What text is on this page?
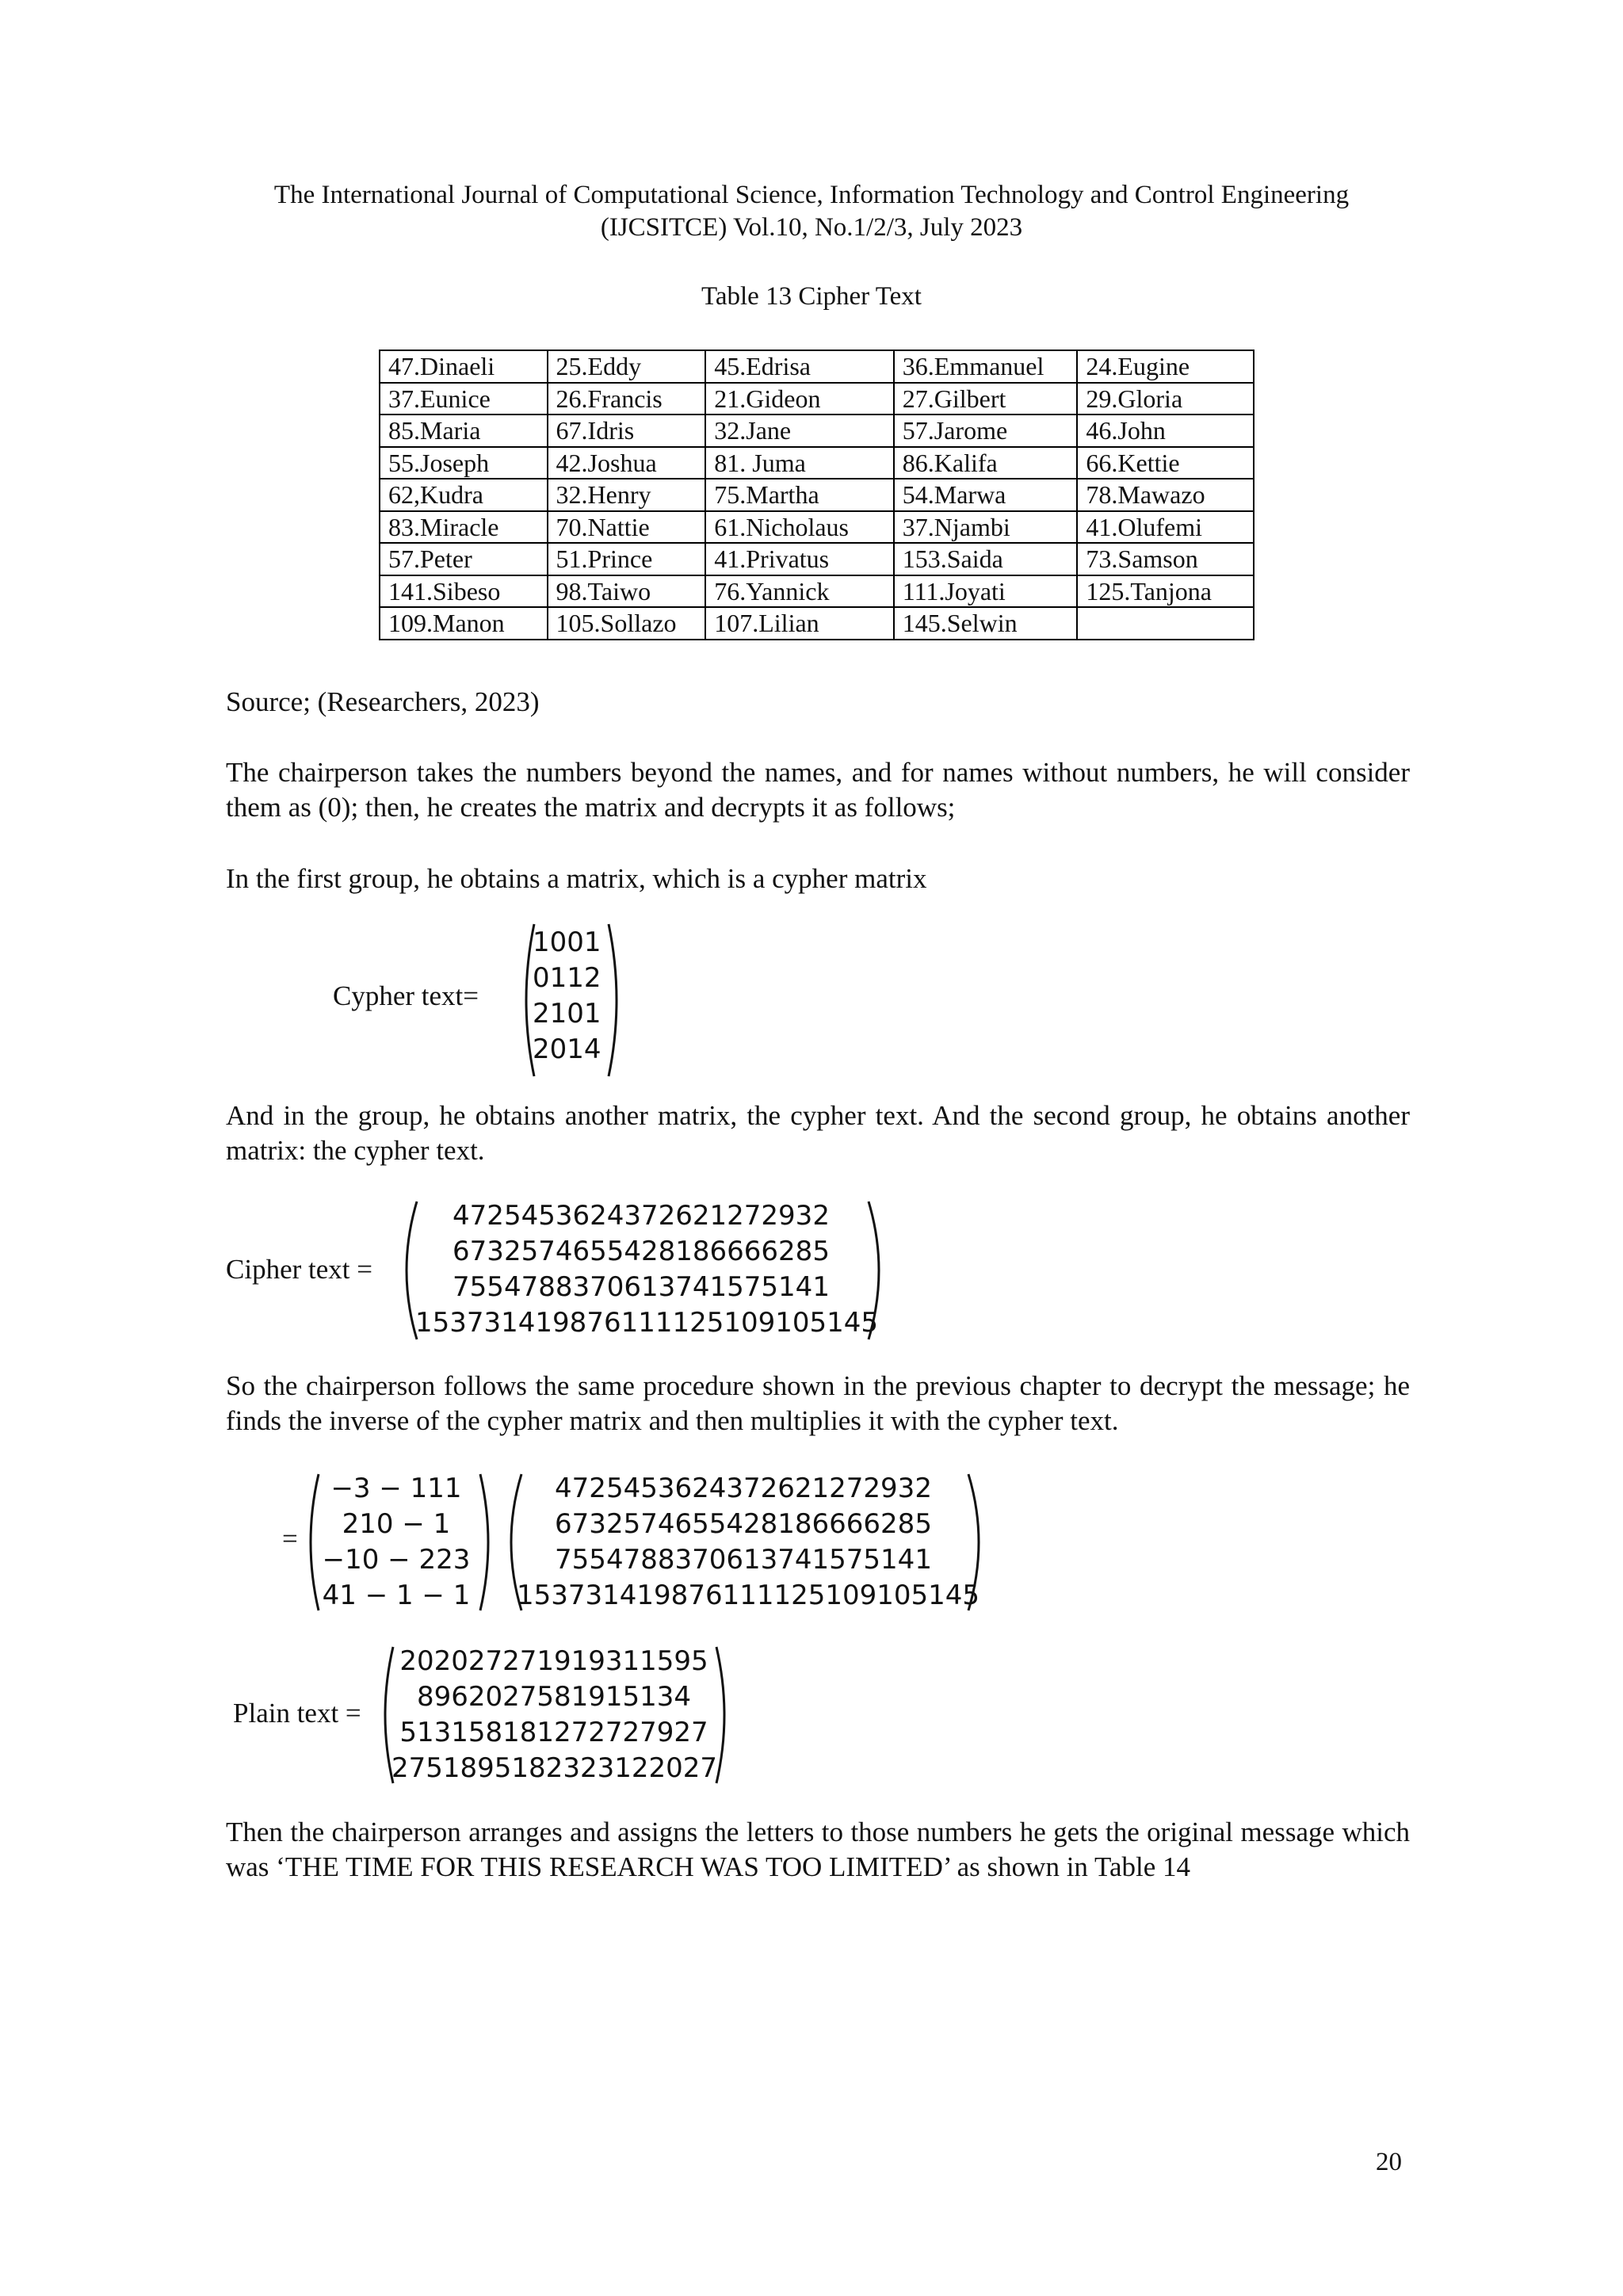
The International Journal of Computational Science, Information Technology and Control Engineering
(IJCSITCE) Vol.10, No.1/2/3, July 2023
Table 13 Cipher Text
47.Dinaeli	25.Eddy	45.Edrisa	36.Emmanuel	24.Eugine
37.Eunice	26.Francis	21.Gideon	27.Gilbert	29.Gloria
85.Maria	67.Idris	32.Jane	57.Jarome	46.John
55.Joseph	42.Joshua	81. Juma	86.Kalifa	66.Kettie
62,Kudra	32.Henry	75.Martha	54.Marwa	78.Mawazo
83.Miracle	70.Nattie	61.Nicholaus	37.Njambi	41.Olufemi
57.Peter	51.Prince	41.Privatus	153.Saida	73.Samson
141.Sibeso	98.Taiwo	76.Yannick	111.Joyati	125.Tanjona
109.Manon	105.Sollazo	107.Lilian	145.Selwin	
Source; (Researchers, 2023)

The chairperson takes the numbers beyond the names, and for names without numbers, he will consider them as (0); then, he creates the matrix and decrypts it as follows;

In the first group, he obtains a matrix, which is a cypher matrix

Cypher text=
1001
0112
2101
2014

And in the group, he obtains another matrix, the cypher text. And the second group, he obtains another matrix: the cypher text.

Cipher text =
4725453624372621272932
6732574655428186666285
7554788370613741575141
153731419876111125109105145

So the chairperson follows the same procedure shown in the previous chapter to decrypt the message; he finds the inverse of the cypher matrix and then multiplies it with the cypher text.

=
−3 − 111
210 − 1
−10 − 223
41 − 1 − 1
4725453624372621272932
6732574655428186666285
7554788370613741575141
153731419876111125109105145
Plain text =
202027271919311595
8962027581915134
513158181272727927
2751895182323122027

Then the chairperson arranges and assigns the letters to those numbers he gets the original message which was ‘THE TIME FOR THIS RESEARCH WAS TOO LIMITED’ as shown in Table 14

20
